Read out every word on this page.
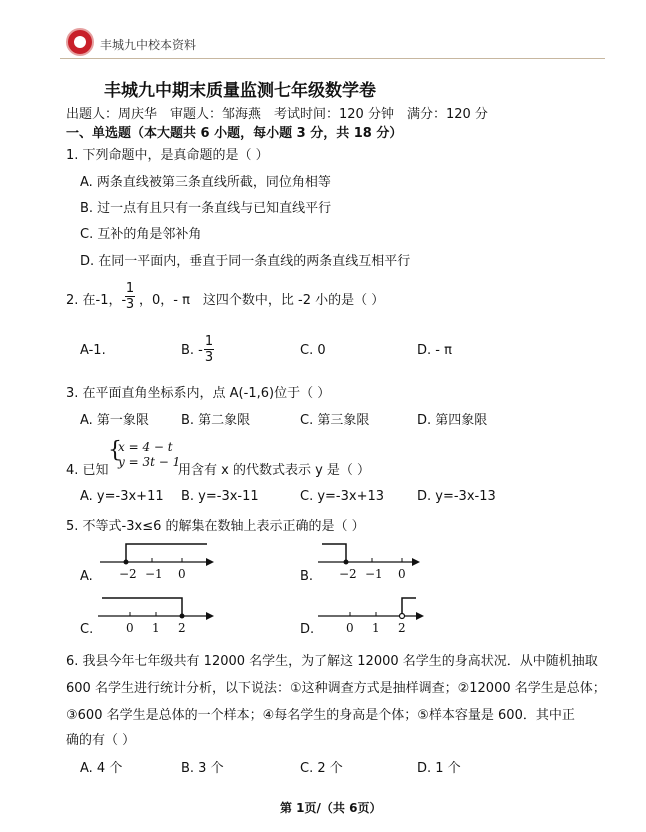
丰城九中校本资料
丰城九中期末质量监测七年级数学卷
出题人：周庆华　审题人：邹海燕　考试时间：120 分钟　满分：120 分
一、单选题（本大题共 6 小题，每小题 3 分，共 18 分）
1. 下列命题中，是真命题的是（ ）
A. 两条直线被第三条直线所截，同位角相等
B. 过一点有且只有一条直线与已知直线平行
C. 互补的角是邻补角
D. 在同一平面内，垂直于同一条直线的两条直线互相平行
2. 在-1，-
1
3 ，0，- π　这四个数中，比 -2 小的是（ ）
A-1.	B. -
1
3	C. 0	D. - π
3. 在平面直角坐标系内，点 A(-1,6)位于（ ）
A. 第一象限 B. 第二象限	C. 第三象限	D. 第四象限
4. 已知
{
x = 4 − t
y = 3t − 1
用含有 x 的代数式表示 y 是（ ）
A. y=-3x+11 B. y=-3x-11	C. y=-3x+13	D. y=-3x-13
5. 不等式-3x≤6 的解集在数轴上表示正确的是（ ）
A.	B.
C.	D.
−2 −1 0	−2 −1 0
0 1 2	0 1 2
6. 我县今年七年级共有 12000 名学生，为了解这 12000 名学生的身高状况．从中随机抽取
600 名学生进行统计分析，以下说法：①这种调查方式是抽样调查；②12000 名学生是总体；
③600 名学生是总体的一个样本；④每名学生的身高是个体；⑤样本容量是 600．其中正
确的有（ ）
A. 4 个	B. 3 个	C. 2 个	D. 1 个
第 1页/（共 6页）
